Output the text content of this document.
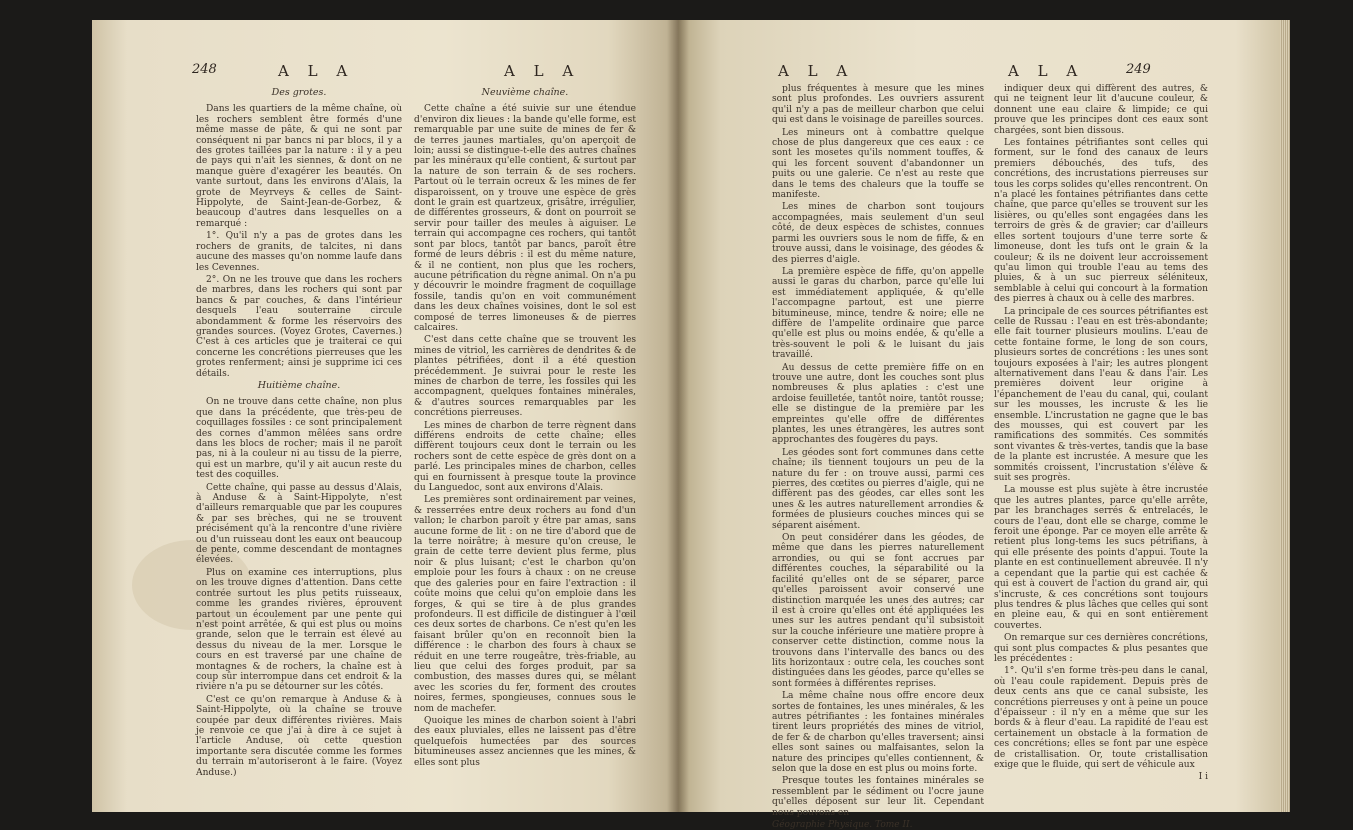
248	A L A	A L A
Des grotes.

Dans les quartiers de la même chaîne, où les rochers semblent être formés d'une même masse de pâte, & qui ne sont par conséquent ni par bancs ni par blocs, il y a des grotes taillées par la nature : il y a peu de pays qui n'ait les siennes, & dont on ne manque guère d'exagérer les beautés. On vante surtout, dans les environs d'Alais, la grote de Meyrveys & celles de Saint-Hippolyte, de Saint-Jean-de-Gorbez, & beaucoup d'autres dans lesquelles on a remarqué :

1°. Qu'il n'y a pas de grotes dans les rochers de granits, de talcites, ni dans aucune des masses qu'on nomme laufe dans les Cevennes.

2°. On ne les trouve que dans les rochers de marbres, dans les rochers qui sont par bancs & par couches, & dans l'intérieur desquels l'eau souterraine circule abondamment & forme les réservoirs des grandes sources. (Voyez Grotes, Cavernes.) C'est à ces articles que je traiterai ce qui concerne les concrétions pierreuses que les grotes renferment; ainsi je supprime ici ces détails.

Huitième chaîne.

On ne trouve dans cette chaîne, non plus que dans la précédente, que très-peu de coquillages fossiles : ce sont principalement des cornes d'ammon mêlées sans ordre dans les blocs de rocher; mais il ne paroît pas, ni à la couleur ni au tissu de la pierre, qui est un marbre, qu'il y ait aucun reste du test des coquilles.

Cette chaîne, qui passe au dessus d'Alais, à Anduse & à Saint-Hippolyte, n'est d'ailleurs remarquable que par les coupures & par ses brèches, qui ne se trouvent précisément qu'à la rencontre d'une rivière ou d'un ruisseau dont les eaux ont beaucoup de pente, comme descendant de montagnes élevées.

Plus on examine ces interruptions, plus on les trouve dignes d'attention. Dans cette contrée surtout les plus petits ruisseaux, comme les grandes rivières, éprouvent partout un écoulement par une pente qui n'est point arrêtée, & qui est plus ou moins grande, selon que le terrain est élevé au dessus du niveau de la mer. Lorsque le cours en est traversé par une chaîne de montagnes & de rochers, la chaîne est à coup sûr interrompue dans cet endroit & la rivière n'a pu se détourner sur les côtés.

C'est ce qu'on remarque à Anduse & à Saint-Hippolyte, où la chaîne se trouve coupée par deux différentes rivières. Mais je renvoie ce que j'ai à dire à ce sujet à l'article Anduse, où cette question importante sera discutée comme les formes du terrain m'autoriseront à le faire. (Voyez Anduse.)

Neuvième chaîne.

Cette chaîne a été suivie sur une étendue d'environ dix lieues : la bande qu'elle forme, est remarquable par une suite de mines de fer & de terres jaunes martiales, qu'on aperçoit de loin; aussi se distingue-t-elle des autres chaînes par les minéraux qu'elle contient, & surtout par la nature de son terrain & de ses rochers. Partout où le terrain ocreux & les mines de fer disparoissent, on y trouve une espèce de grès dont le grain est quartzeux, grisâtre, irrégulier, de différentes grosseurs, & dont on pourroit se servir pour tailler des meules à aiguiser. Le terrain qui accompagne ces rochers, qui tantôt sont par blocs, tantôt par bancs, paroît être formé de leurs débris : il est du même nature, & il ne contient, non plus que les rochers, aucune pétrification du règne animal. On n'a pu y découvrir le moindre fragment de coquillage fossile, tandis qu'on en voit communément dans les deux chaînes voisines, dont le sol est composé de terres limoneuses & de pierres calcaires.

C'est dans cette chaîne que se trouvent les mines de vitriol, les carrières de dendrites & de plantes pétrifiées, dont il a été question précédemment. Je suivrai pour le reste les mines de charbon de terre, les fossiles qui les accompagnent, quelques fontaines minérales, & d'autres sources remarquables par les concrétions pierreuses.

Les mines de charbon de terre règnent dans différens endroits de cette chaîne; elles diffèrent toujours ceux dont le terrain ou les rochers sont de cette espèce de grès dont on a parlé. Les principales mines de charbon, celles qui en fournissent à presque toute la province du Languedoc, sont aux environs d'Alais.

Les premières sont ordinairement par veines, & resserrées entre deux rochers au fond d'un vallon; le charbon paroît y être par amas, sans aucune forme de lit : on ne tire d'abord que de la terre noirâtre; à mesure qu'on creuse, le grain de cette terre devient plus ferme, plus noir & plus luisant; c'est le charbon qu'on emploie pour les fours à chaux : on ne creuse que des galeries pour en faire l'extraction : il coûte moins que celui qu'on emploie dans les forges, & qui se tire à de plus grandes profondeurs. Il est difficile de distinguer à l'œil ces deux sortes de charbons. Ce n'est qu'en les faisant brûler qu'on en reconnoît bien la différence : le charbon des fours à chaux se réduit en une terre rougeâtre, très-friable, au lieu que celui des forges produit, par sa combustion, des masses dures qui, se mêlant avec les scories du fer, forment des croutes noires, fermes, spongieuses, connues sous le nom de machefer.

Quoique les mines de charbon soient à l'abri des eaux pluviales, elles ne laissent pas d'être quelquefois humectées par des sources bitumineuses assez anciennes que les mines, & elles sont plus

A L A	A L A	249

plus fréquentes à mesure que les mines sont plus profondes. Les ouvriers assurent qu'il n'y a pas de meilleur charbon que celui qui est dans le voisinage de pareilles sources.

Les mineurs ont à combattre quelque chose de plus dangereux que ces eaux : ce sont les mosetes qu'ils nomment touffes, & qui les forcent souvent d'abandonner un puits ou une galerie. Ce n'est au reste que dans le tems des chaleurs que la touffe se manifeste.

Les mines de charbon sont toujours accompagnées, mais seulement d'un seul côté, de deux espèces de schistes, connues parmi les ouvriers sous le nom de fiffe, & en trouve aussi, dans le voisinage, des géodes & des pierres d'aigle.

La première espèce de fiffe, qu'on appelle aussi le garas du charbon, parce qu'elle lui est immédiatement appliquée, & qu'elle l'accompagne partout, est une pierre bitumineuse, mince, tendre & noire; elle ne diffère de l'ampelite ordinaire que parce qu'elle est plus ou moins endée, & qu'elle a très-souvent le poli & le luisant du jais travaillé.

Au dessus de cette première fiffe on en trouve une autre, dont les couches sont plus nombreuses & plus aplaties : c'est une ardoise feuilletée, tantôt noire, tantôt rousse; elle se distingue de la première par les empreintes qu'elle offre de différentes plantes, les unes étrangères, les autres sont approchantes des fougères du pays.

Les géodes sont fort communes dans cette chaîne; ils tiennent toujours un peu de la nature du fer : on trouve aussi, parmi ces pierres, des cœtites ou pierres d'aigle, qui ne diffèrent pas des géodes, car elles sont les unes & les autres naturellement arrondies & formées de plusieurs couches minces qui se séparent aisément.

On peut considérer dans les géodes, de même que dans les pierres naturellement arrondies, ou qui se font accrues par différentes couches, la séparabilité ou la facilité qu'elles ont de se séparer, parce qu'elles paroissent avoir conservé une distinction marquée les unes des autres; car il est à croire qu'elles ont été appliquées les unes sur les autres pendant qu'il subsistoit sur la couche inférieure une matière propre à conserver cette distinction, comme nous la trouvons dans l'intervalle des bancs ou des lits horizontaux : outre cela, les couches sont distinguées dans les géodes, parce qu'elles se sont formées à différentes reprises.

La même chaîne nous offre encore deux sortes de fontaines, les unes minérales, & les autres pétrifiantes : les fontaines minérales tirent leurs propriétés des mines de vitriol, de fer & de charbon qu'elles traversent; ainsi elles sont saines ou malfaisantes, selon la nature des principes qu'elles contiennent, & selon que la dose en est plus ou moins forte.

Presque toutes les fontaines minérales se ressemblent par le sédiment ou l'ocre jaune qu'elles déposent sur leur lit. Cependant nous pouvons en

Géographie Physique. Tome II.

indiquer deux qui diffèrent des autres, & qui ne teignent leur lit d'aucune couleur, & donnent une eau claire & limpide; ce qui prouve que les principes dont ces eaux sont chargées, sont bien dissous.

Les fontaines pétrifiantes sont celles qui forment, sur le fond des canaux de leurs premiers débouchés, des tufs, des concrétions, des incrustations pierreuses sur tous les corps solides qu'elles rencontrent. On n'a placé les fontaines pétrifiantes dans cette chaîne, que parce qu'elles se trouvent sur les lisières, ou qu'elles sont engagées dans les terroirs de grès & de gravier; car d'ailleurs elles sortent toujours d'une terre sorte & limoneuse, dont les tufs ont le grain & la couleur; & ils ne doivent leur accroissement qu'au limon qui trouble l'eau au tems des pluies, & à un suc pierreux séléniteux, semblable à celui qui concourt à la formation des pierres à chaux ou à celle des marbres.

La principale de ces sources pétrifiantes est celle de Russau : l'eau en est très-abondante; elle fait tourner plusieurs moulins. L'eau de cette fontaine forme, le long de son cours, plusieurs sortes de concrétions : les unes sont toujours exposées à l'air; les autres plongent alternativement dans l'eau & dans l'air. Les premières doivent leur origine à l'épanchement de l'eau du canal, qui, coulant sur les mousses, les incruste & les lie ensemble. L'incrustation ne gagne que le bas des mousses, qui est couvert par les ramifications des sommités. Ces sommités sont vivantes & très-vertes, tandis que la base de la plante est incrustée. A mesure que les sommités croissent, l'incrustation s'élève & suit ses progrès.

La mousse est plus sujète à être incrustée que les autres plantes, parce qu'elle arrête, par les branchages serrés & entrelacés, le cours de l'eau, dont elle se charge, comme le feroit une éponge. Par ce moyen elle arrête & retient plus long-tems les sucs pétrifians, à qui elle présente des points d'appui. Toute la plante en est continuellement abreuvée. Il n'y a cependant que la partie qui est cachée & qui est à couvert de l'action du grand air, qui s'incruste, & ces concrétions sont toujours plus tendres & plus lâches que celles qui sont en pleine eau, & qui en sont entièrement couvertes.

On remarque sur ces dernières concrétions, qui sont plus compactes & plus pesantes que les précédentes :

1°. Qu'il s'en forme très-peu dans le canal, où l'eau coule rapidement. Depuis près de deux cents ans que ce canal subsiste, les concrétions pierreuses y ont à peine un pouce d'épaisseur : il n'y en a même que sur les bords & à fleur d'eau. La rapidité de l'eau est certainement un obstacle à la formation de ces concrétions; elles se font par une espèce de cristallisation. Or, toute cristallisation exige que le fluide, qui sert de véhicule aux

I i
